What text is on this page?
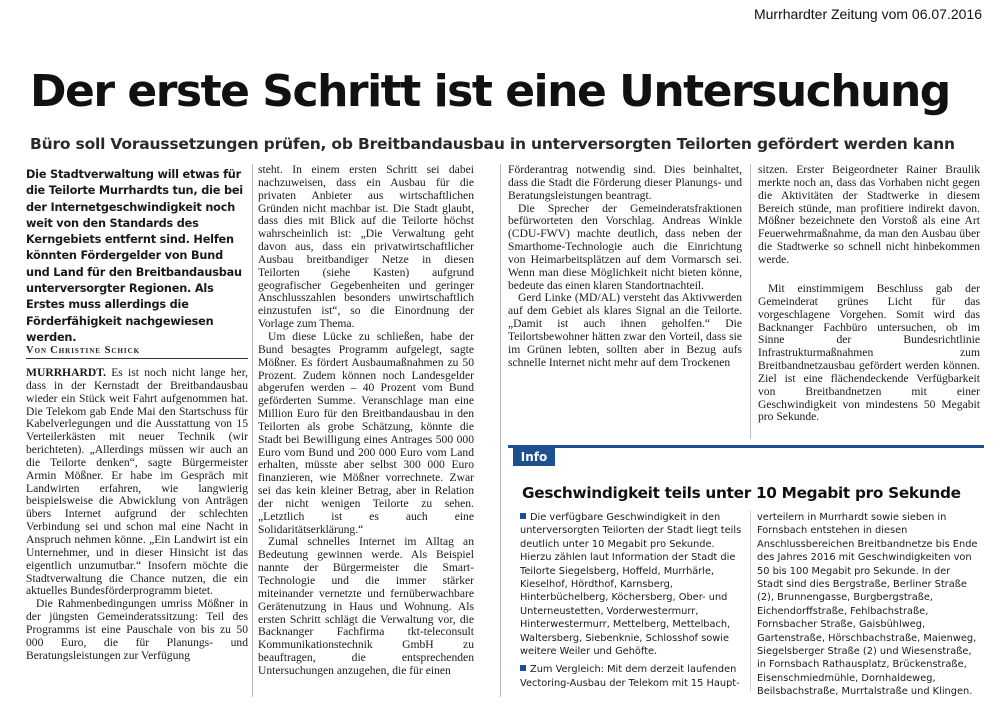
Murrhardter Zeitung vom 06.07.2016
Der erste Schritt ist eine Untersuchung
Büro soll Voraussetzungen prüfen, ob Breitbandausbau in unterversorgten Teilorten gefördert werden kann

Die Stadtverwaltung will etwas für die Teilorte Murrhardts tun, die bei der Internetgeschwindigkeit noch weit von den Standards des Kerngebiets entfernt sind. Helfen könnten Fördergelder von Bund und Land für den Breitbandausbau unterversorgter Regionen. Als Erstes muss allerdings die Förderfähigkeit nachgewiesen werden.

Von Christine Schick

MURRHARDT. Es ist noch nicht lange her, dass in der Kernstadt der Breitbandausbau wieder ein Stück weit Fahrt aufgenommen hat. Die Telekom gab Ende Mai den Startschuss für Kabelverlegungen und die Ausstattung von 15 Verteilerkästen mit neuer Technik (wir berichteten). „Allerdings müssen wir auch an die Teilorte denken“, sagte Bürgermeister Armin Mößner. Er habe im Gespräch mit Landwirten erfahren, wie langwierig beispielsweise die Abwicklung von Anträgen übers Internet aufgrund der schlechten Verbindung sei und schon mal eine Nacht in Anspruch nehmen könne. „Ein Landwirt ist ein Unternehmer, und in dieser Hinsicht ist das eigentlich unzumutbar.“ Insofern möchte die Stadtverwaltung die Chance nutzen, die ein aktuelles Bundesförderprogramm bietet.

Die Rahmenbedingungen umriss Mößner in der jüngsten Gemeinderatssitzung: Teil des Programms ist eine Pauschale von bis zu 50 000 Euro, die für Planungs- und Beratungsleistungen zur Verfügung

steht. In einem ersten Schritt sei dabei nachzuweisen, dass ein Ausbau für die privaten Anbieter aus wirtschaftlichen Gründen nicht machbar ist. Die Stadt glaubt, dass dies mit Blick auf die Teilorte höchst wahrscheinlich ist: „Die Verwaltung geht davon aus, dass ein privatwirtschaftlicher Ausbau breitbandiger Netze in diesen Teilorten (siehe Kasten) aufgrund geografischer Gegebenheiten und geringer Anschlusszahlen besonders unwirtschaftlich einzustufen ist“, so die Einordnung der Vorlage zum Thema.

Um diese Lücke zu schließen, habe der Bund besagtes Programm aufgelegt, sagte Mößner. Es fördert Ausbaumaßnahmen zu 50 Prozent. Zudem können noch Landesgelder abgerufen werden – 40 Prozent vom Bund geförderten Summe. Veranschlage man eine Million Euro für den Breitbandausbau in den Teilorten als grobe Schätzung, könnte die Stadt bei Bewilligung eines Antrages 500 000 Euro vom Bund und 200 000 Euro vom Land erhalten, müsste aber selbst 300 000 Euro finanzieren, wie Mößner vorrechnete. Zwar sei das kein kleiner Betrag, aber in Relation der nicht wenigen Teilorte zu sehen. „Letztlich ist es auch eine Solidaritätserklärung.“

Zumal schnelles Internet im Alltag an Bedeutung gewinnen werde. Als Beispiel nannte der Bürgermeister die Smart-Technologie und die immer stärker miteinander vernetzte und fernüberwachbare Gerätenutzung in Haus und Wohnung. Als ersten Schritt schlägt die Verwaltung vor, die Backnanger Fachfirma tkt-teleconsult Kommunikationstechnik GmbH zu beauftragen, die entsprechenden Untersuchungen anzugehen, die für einen

Förderantrag notwendig sind. Dies beinhaltet, dass die Stadt die Förderung dieser Planungs- und Beratungsleistungen beantragt.

Die Sprecher der Gemeinderatsfraktionen befürworteten den Vorschlag. Andreas Winkle (CDU-FWV) machte deutlich, dass neben der Smarthome-Technologie auch die Einrichtung von Heimarbeitsplätzen auf dem Vormarsch sei. Wenn man diese Möglichkeit nicht bieten könne, bedeute das einen klaren Standortnachteil.

Gerd Linke (MD/AL) versteht das Aktivwerden auf dem Gebiet als klares Signal an die Teilorte. „Damit ist auch ihnen geholfen.“ Die Teilortsbewohner hätten zwar den Vorteil, dass sie im Grünen lebten, sollten aber in Bezug aufs schnelle Internet nicht mehr auf dem Trockenen

sitzen. Erster Beigeordneter Rainer Braulik merkte noch an, dass das Vorhaben nicht gegen die Aktivitäten der Stadtwerke in diesem Bereich stünde, man profitiere indirekt davon. Mößner bezeichnete den Vorstoß als eine Art Feuerwehrmaßnahme, da man den Ausbau über die Stadtwerke so schnell nicht hinbekommen werde.

Mit einstimmigem Beschluss gab der Gemeinderat grünes Licht für das vorgeschlagene Vorgehen. Somit wird das Backnanger Fachbüro untersuchen, ob im Sinne der Bundesrichtlinie Infrastrukturmaßnahmen zum Breitbandnetzausbau gefördert werden können. Ziel ist eine flächendeckende Verfügbarkeit von Breitbandnetzen mit einer Geschwindigkeit von mindestens 50 Megabit pro Sekunde.

Info
Geschwindigkeit teils unter 10 Megabit pro Sekunde

Die verfügbare Geschwindigkeit in den unterversorgten Teilorten der Stadt liegt teils deutlich unter 10 Megabit pro Sekunde. Hierzu zählen laut Information der Stadt die Teilorte Siegelsberg, Hoffeld, Murrhärle, Kieselhof, Hördthof, Karnsberg, Hinterbüchelberg, Köchersberg, Ober- und Unterneustetten, Vorderwestermurr, Hinterwestermurr, Mettelberg, Mettelbach, Waltersberg, Siebenknie, Schlosshof sowie weitere Weiler und Gehöfte.

Zum Vergleich: Mit dem derzeit laufenden Vectoring-Ausbau der Telekom mit 15 Haupt-

verteilern in Murrhardt sowie sieben in Fornsbach entstehen in diesen Anschlussbereichen Breitbandnetze bis Ende des Jahres 2016 mit Geschwindigkeiten von 50 bis 100 Megabit pro Sekunde. In der Stadt sind dies Bergstraße, Berliner Straße (2), Brunnengasse, Burgbergstraße, Eichendorffstraße, Fehlbachstraße, Fornsbacher Straße, Gaisbühlweg, Gartenstraße, Hörschbachstraße, Maienweg, Siegelsberger Straße (2) und Wiesenstraße, in Fornsbach Rathausplatz, Brückenstraße, Eisenschmiedmühle, Dornhaldeweg, Beilsbachstraße, Murrtalstraße und Klingen.
